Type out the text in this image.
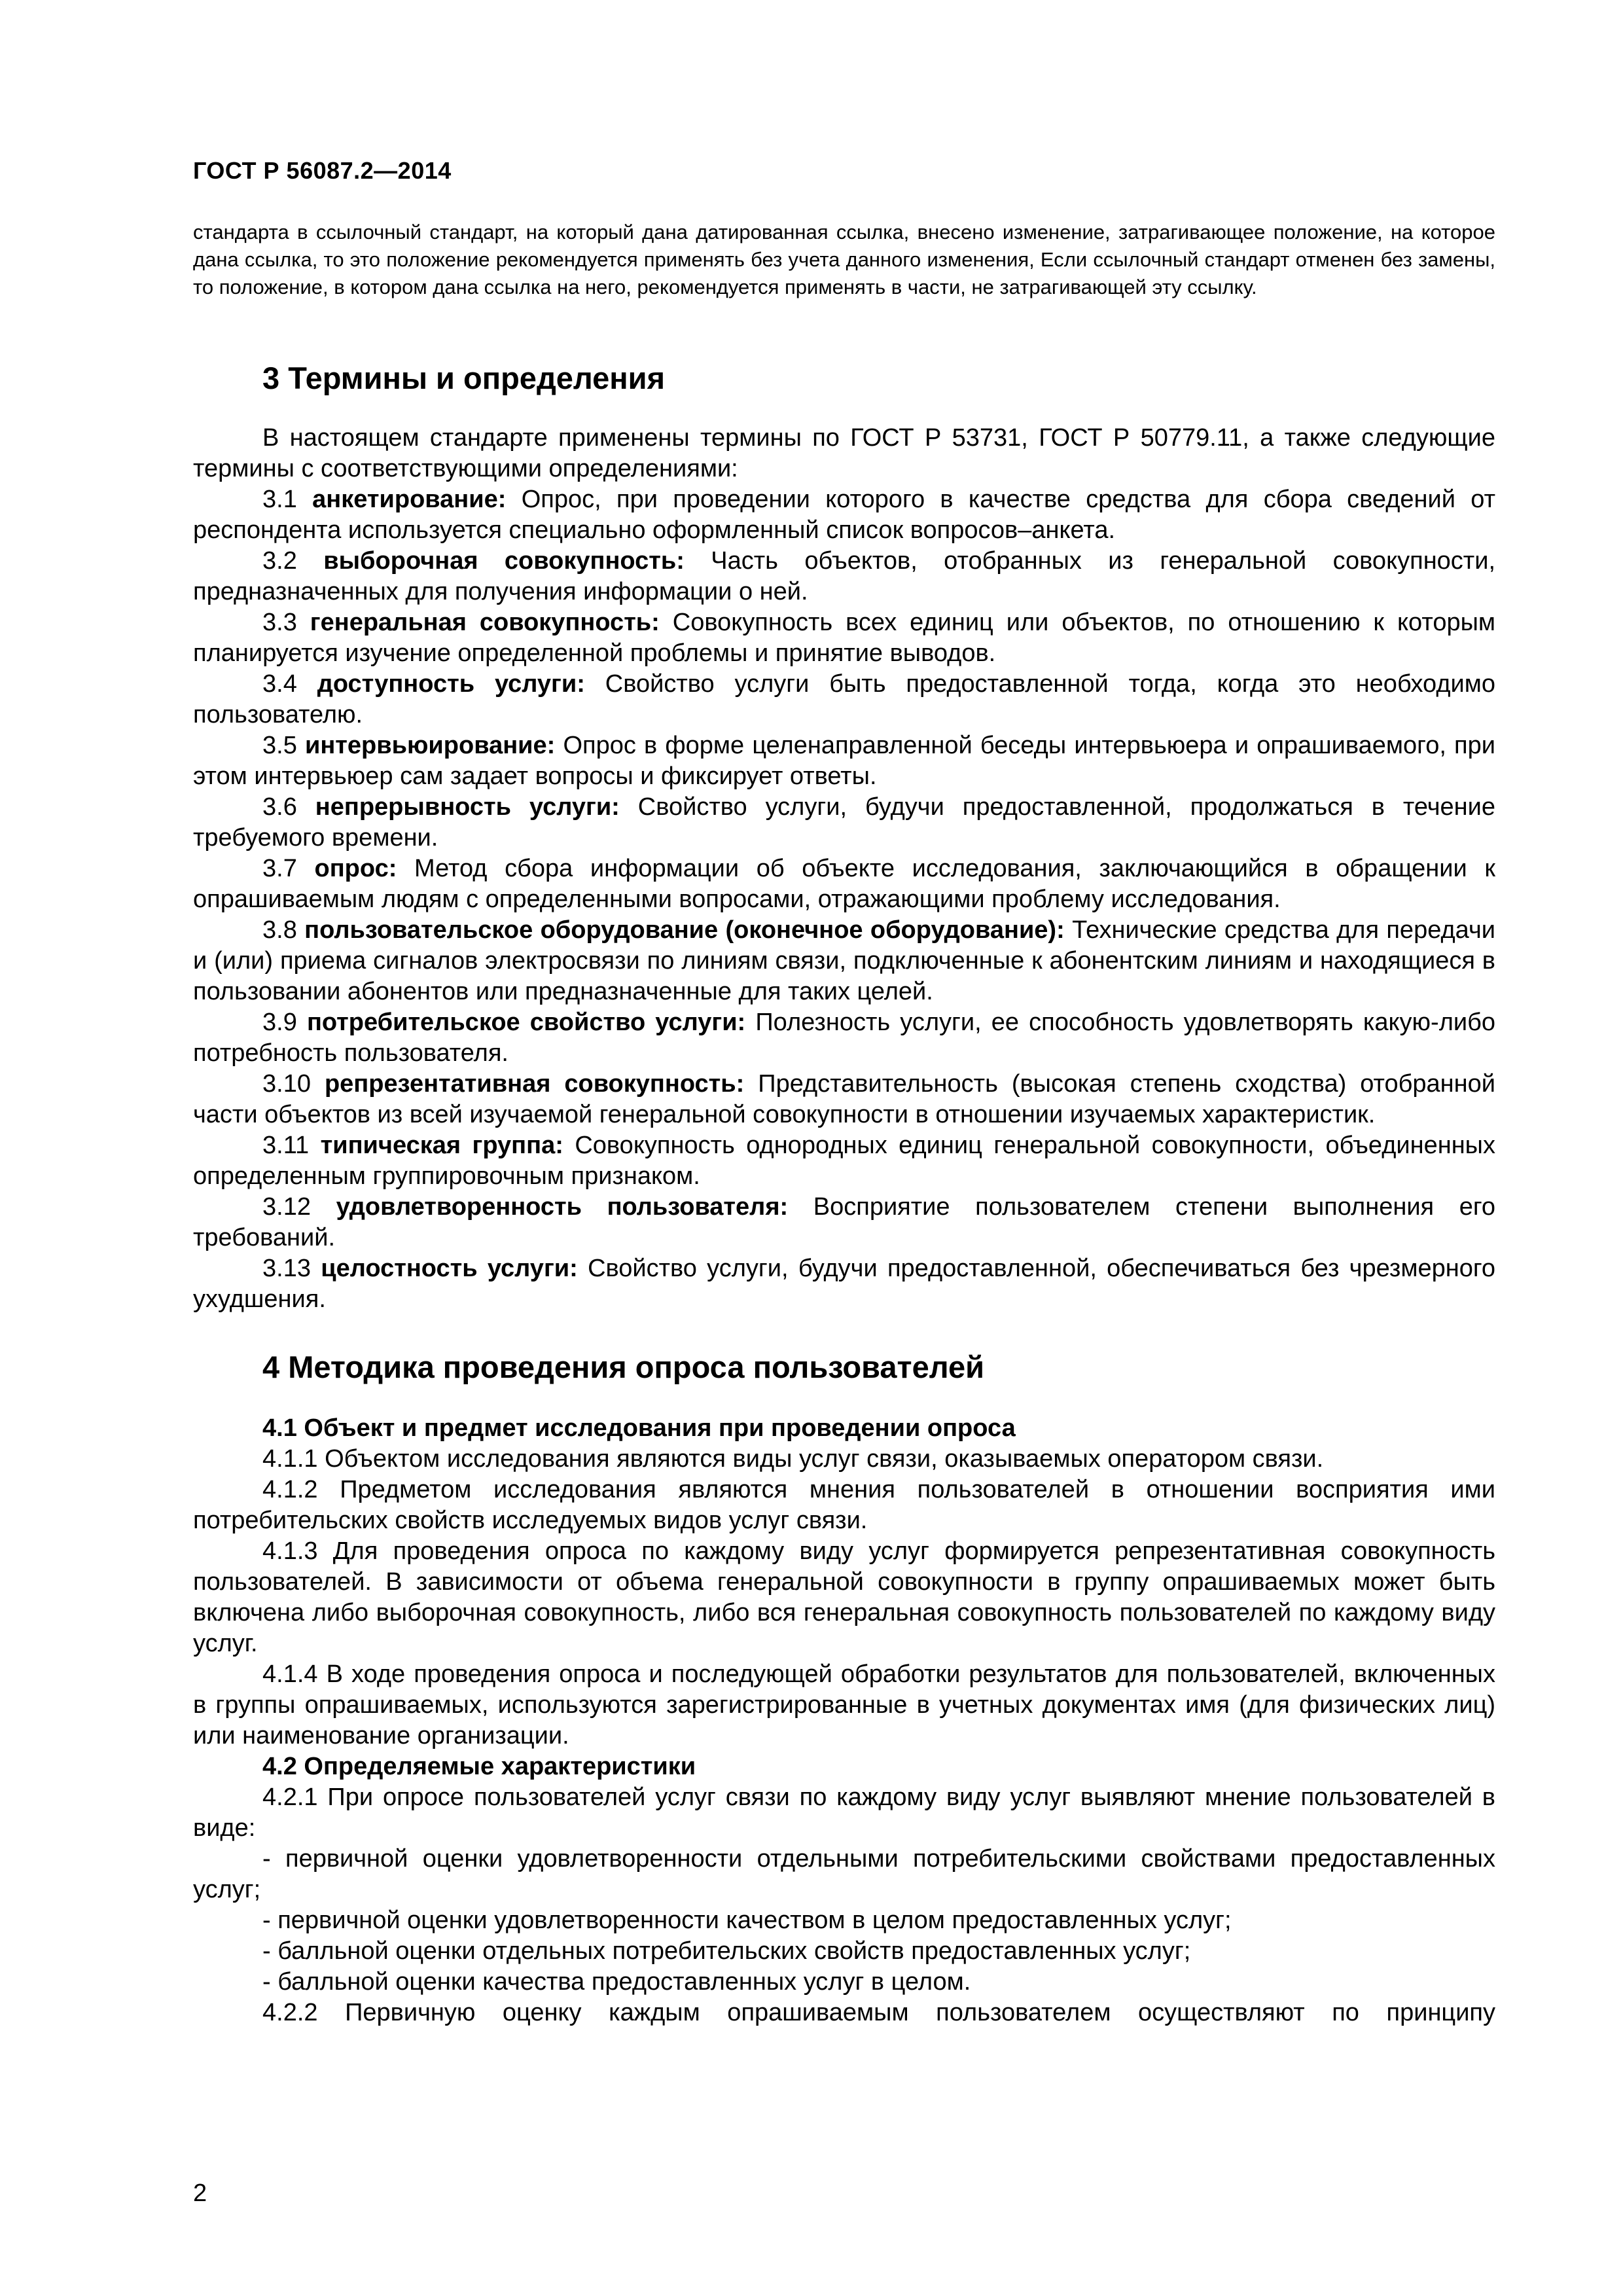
ГОСТ Р 56087.2—2014

стандарта в ссылочный стандарт, на который дана датированная ссылка, внесено изменение, затрагивающее положение, на которое дана ссылка, то это положение рекомендуется применять без учета данного изменения, Если ссылочный стандарт отменен без замены, то положение, в котором дана ссылка на него, рекомендуется применять в части, не затрагивающей эту ссылку.

3 Термины и определения

В настоящем стандарте применены термины по ГОСТ Р 53731, ГОСТ Р 50779.11, а также следующие термины с соответствующими определениями:

3.1 анкетирование: Опрос, при проведении которого в качестве средства для сбора сведений от респондента используется специально оформленный список вопросов–анкета.

3.2 выборочная совокупность: Часть объектов, отобранных из генеральной совокупности, предназначенных для получения информации о ней.

3.3 генеральная совокупность: Совокупность всех единиц или объектов, по отношению к которым планируется изучение определенной проблемы и принятие выводов.

3.4 доступность услуги: Свойство услуги быть предоставленной тогда, когда это необходимо пользователю.

3.5 интервьюирование: Опрос в форме целенаправленной беседы интервьюера и опрашиваемого, при этом интервьюер сам задает вопросы и фиксирует ответы.

3.6 непрерывность услуги: Свойство услуги, будучи предоставленной, продолжаться в течение требуемого времени.

3.7 опрос: Метод сбора информации об объекте исследования, заключающийся в обращении к опрашиваемым людям с определенными вопросами, отражающими проблему исследования.

3.8 пользовательское оборудование (оконечное оборудование): Технические средства для передачи и (или) приема сигналов электросвязи по линиям связи, подключенные к абонентским линиям и находящиеся в пользовании абонентов или предназначенные для таких целей.

3.9 потребительское свойство услуги: Полезность услуги, ее способность удовлетворять какую-либо потребность пользователя.

3.10 репрезентативная совокупность: Представительность (высокая степень сходства) отобранной части объектов из всей изучаемой генеральной совокупности в отношении изучаемых характеристик.

3.11 типическая группа: Совокупность однородных единиц генеральной совокупности, объединенных определенным группировочным признаком.

3.12 удовлетворенность пользователя: Восприятие пользователем степени выполнения его требований.

3.13 целостность услуги: Свойство услуги, будучи предоставленной, обеспечиваться без чрезмерного ухудшения.

4 Методика проведения опроса пользователей
4.1 Объект и предмет исследования при проведении опроса

4.1.1 Объектом исследования являются виды услуг связи, оказываемых оператором связи.

4.1.2 Предметом исследования являются мнения пользователей в отношении восприятия ими потребительских свойств исследуемых видов услуг связи.

4.1.3 Для проведения опроса по каждому виду услуг формируется репрезентативная совокупность пользователей. В зависимости от объема генеральной совокупности в группу опрашиваемых может быть включена либо выборочная совокупность, либо вся генеральная совокупность пользователей по каждому виду услуг.

4.1.4 В ходе проведения опроса и последующей обработки результатов для пользователей, включенных в группы опрашиваемых, используются зарегистрированные в учетных документах имя (для физических лиц) или наименование организации.

4.2 Определяемые характеристики

4.2.1 При опросе пользователей услуг связи по каждому виду услуг выявляют мнение пользователей в виде:

- первичной оценки удовлетворенности отдельными потребительскими свойствами предоставленных услуг;

- первичной оценки удовлетворенности качеством в целом предоставленных услуг;

- балльной оценки отдельных потребительских свойств предоставленных услуг;

- балльной оценки качества предоставленных услуг в целом.

4.2.2 Первичную оценку каждым опрашиваемым пользователем осуществляют по принципу

2
